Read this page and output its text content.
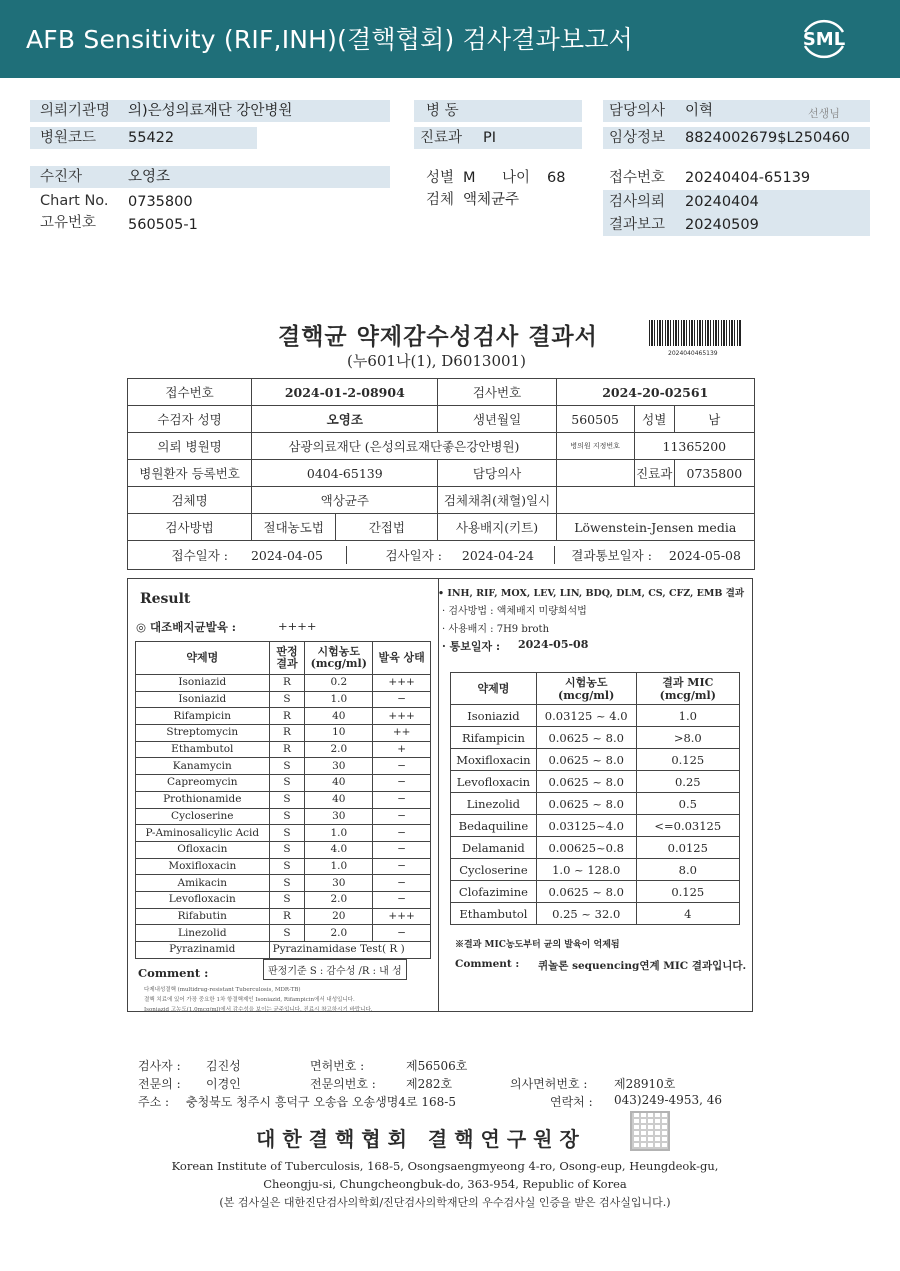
AFB Sensitivity (RIF,INH)(결핵협회) 검사결과보고서	SML
의뢰기관명 의)은성의료재단 강안병원
병원코드 55422
병 동
진료과 PI
담당의사 이혁	선생님
임상정보 8824002679$L250460
수진자	오영조
Chart No. 0735800
고유번호 560505-1
성별 M 나이 68
검체 액체균주
접수번호 20240404-65139
검사의뢰 20240404
결과보고 20240509
결핵균 약제감수성검사 결과서
(누601나(1), D6013001)	2024040465139
접수번호	2024-01-2-08904		검사번호	2024-20-02561		
수검자 성명	오영조		생년월일	560505	성별	남
의뢰 병원명	삼광의료재단 (은성의료재단좋은강안병원)			병의원 지정번호	11365200	
병원환자 등록번호	0404-65139		담당의사		진료과	0735800
검체명	액상균주		검체채취(채혈)일시			
검사방법	절대농도법	간접법	사용배지(키트)	Löwenstein-Jensen media		
접수일자 : 2024-04-05 검사일자 : 2024-04-24 결과통보일자 : 2024-05-08						
Result
◎ 대조배지균발육 :	++++
약제명	판정 결과	시험농도 (mcg/ml)	발육 상태
Isoniazid	R	0.2	+++
Isoniazid	S	1.0	−
Rifampicin	R	40	+++
Streptomycin	R	10	++
Ethambutol	R	2.0	+
Kanamycin	S	30	−
Capreomycin	S	40	−
Prothionamide	S	40	−
Cycloserine	S	30	−
P-Aminosalicylic Acid	S	1.0	−
Ofloxacin	S	4.0	−
Moxifloxacin	S	1.0	−
Amikacin	S	30	−
Levofloxacin	S	2.0	−
Rifabutin	R	20	+++
Linezolid	S	2.0	−
Pyrazinamid	Pyrazinamidase Test( R )		
판정기준 S : 감수성 /R : 내 성
Comment :
다제내성결핵 (multidrug-resistant Tuberculosis, MDR-TB)
결핵 치료에 있어 가장 중요한 1차 항결핵제인 Isoniazid, Rifampicin에서 내성입니다.
Isoniazid 고농도(1.0mcg/ml)에서 감수성을 보이는 균주입니다. 진료시 참고하시기 바랍니다.
• INH, RIF, MOX, LEV, LIN, BDQ, DLM, CS, CFZ, EMB 결과
· 검사방법 : 액체배지 미량희석법
· 사용배지 : 7H9 broth
· 통보일자 : 2024-05-08
약제명	시험농도 (mcg/ml)	결과 MIC (mcg/ml)
Isoniazid	0.03125 ~ 4.0	1.0
Rifampicin	0.0625 ~ 8.0	>8.0
Moxifloxacin	0.0625 ~ 8.0	0.125
Levofloxacin	0.0625 ~ 8.0	0.25
Linezolid	0.0625 ~ 8.0	0.5
Bedaquiline	0.03125~4.0	<=0.03125
Delamanid	0.00625~0.8	0.0125
Cycloserine	1.0 ~ 128.0	8.0
Clofazimine	0.0625 ~ 8.0	0.125
Ethambutol	0.25 ~ 32.0	4
※결과 MIC농도부터 균의 발육이 억제됨
Comment : 퀴놀론 sequencing연계 MIC 결과입니다.
검사자 : 김진성	면허번호 :	제56506호
전문의 : 이경인	전문의번호 :	제282호	의사면허번호 : 제28910호
주소 : 충청북도 청주시 흥덕구 오송읍 오송생명4로 168-5	연락처 : 043)249-4953, 46
대한결핵협회 결핵연구원장
Korean Institute of Tuberculosis, 168-5, Osongsaengmyeong 4-ro, Osong-eup, Heungdeok-gu,
Cheongju-si, Chungcheongbuk-do, 363-954, Republic of Korea
(본 검사실은 대한진단검사의학회/진단검사의학재단의 우수검사실 인증을 받은 검사실입니다.)
